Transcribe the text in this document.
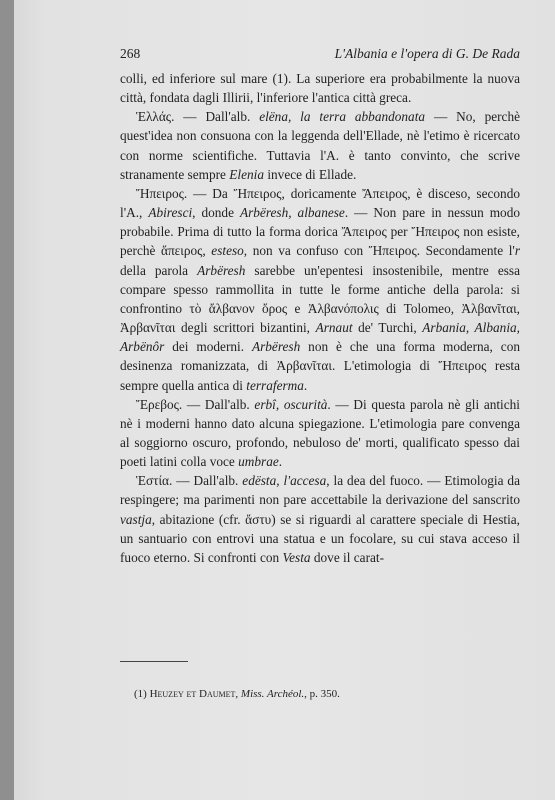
268	L'Albania e l'opera di G. De Rada

colli, ed inferiore sul mare (1). La superiore era probabilmente la nuova città, fondata dagli Illirii, l'inferiore l'antica città greca.

Ἑλλάς. — Dall'alb. elëna, la terra abbandonata — No, perchè quest'idea non consuona con la leggenda dell'Ellade, nè l'etimo è ricercato con norme scientifiche. Tuttavia l'A. è tanto convinto, che scrive stranamente sempre Elenia invece di Ellade.

Ἤπειρος. — Da Ἤπειρος, doricamente Ἄπειρος, è disceso, secondo l'A., Abiresci, donde Arbëresh, albanese. — Non pare in nessun modo probabile. Prima di tutto la forma dorica Ἄπειρος per Ἤπειρος non esiste, perchè ἄπειρος, esteso, non va confuso con Ἤπειρος. Secondamente l'r della parola Arbëresh sarebbe un'epentesi insostenibile, mentre essa compare spesso rammollita in tutte le forme antiche della parola: si confrontino τὸ ἄλβανον ὄρος e Ἀλβανόπολις di Tolomeo, Ἀλβανῖται, Ἀρβανῖται degli scrittori bizantini, Arnaut de' Turchi, Arbania, Albania, Arbënôr dei moderni. Arbëresh non è che una forma moderna, con desinenza romanizzata, di Ἀρβανῖται. L'etimologia di Ἤπειρος resta sempre quella antica di terraferma.

Ἔρεβος. — Dall'alb. erbî, oscurità. — Di questa parola nè gli antichi nè i moderni hanno dato alcuna spiegazione. L'etimologia pare convenga al soggiorno oscuro, profondo, nebuloso de' morti, qualificato spesso dai poeti latini colla voce umbrae.

Ἑστία. — Dall'alb. edësta, l'accesa, la dea del fuoco. — Etimologia da respingere; ma parimenti non pare accettabile la derivazione del sanscrito vastja, abitazione (cfr. ἄστυ) se si riguardi al carattere speciale di Hestia, un santuario con entrovi una statua e un focolare, su cui stava acceso il fuoco eterno. Si confronti con Vesta dove il carat-

(1) Heuzey et Daumet, Miss. Archéol., p. 350.
